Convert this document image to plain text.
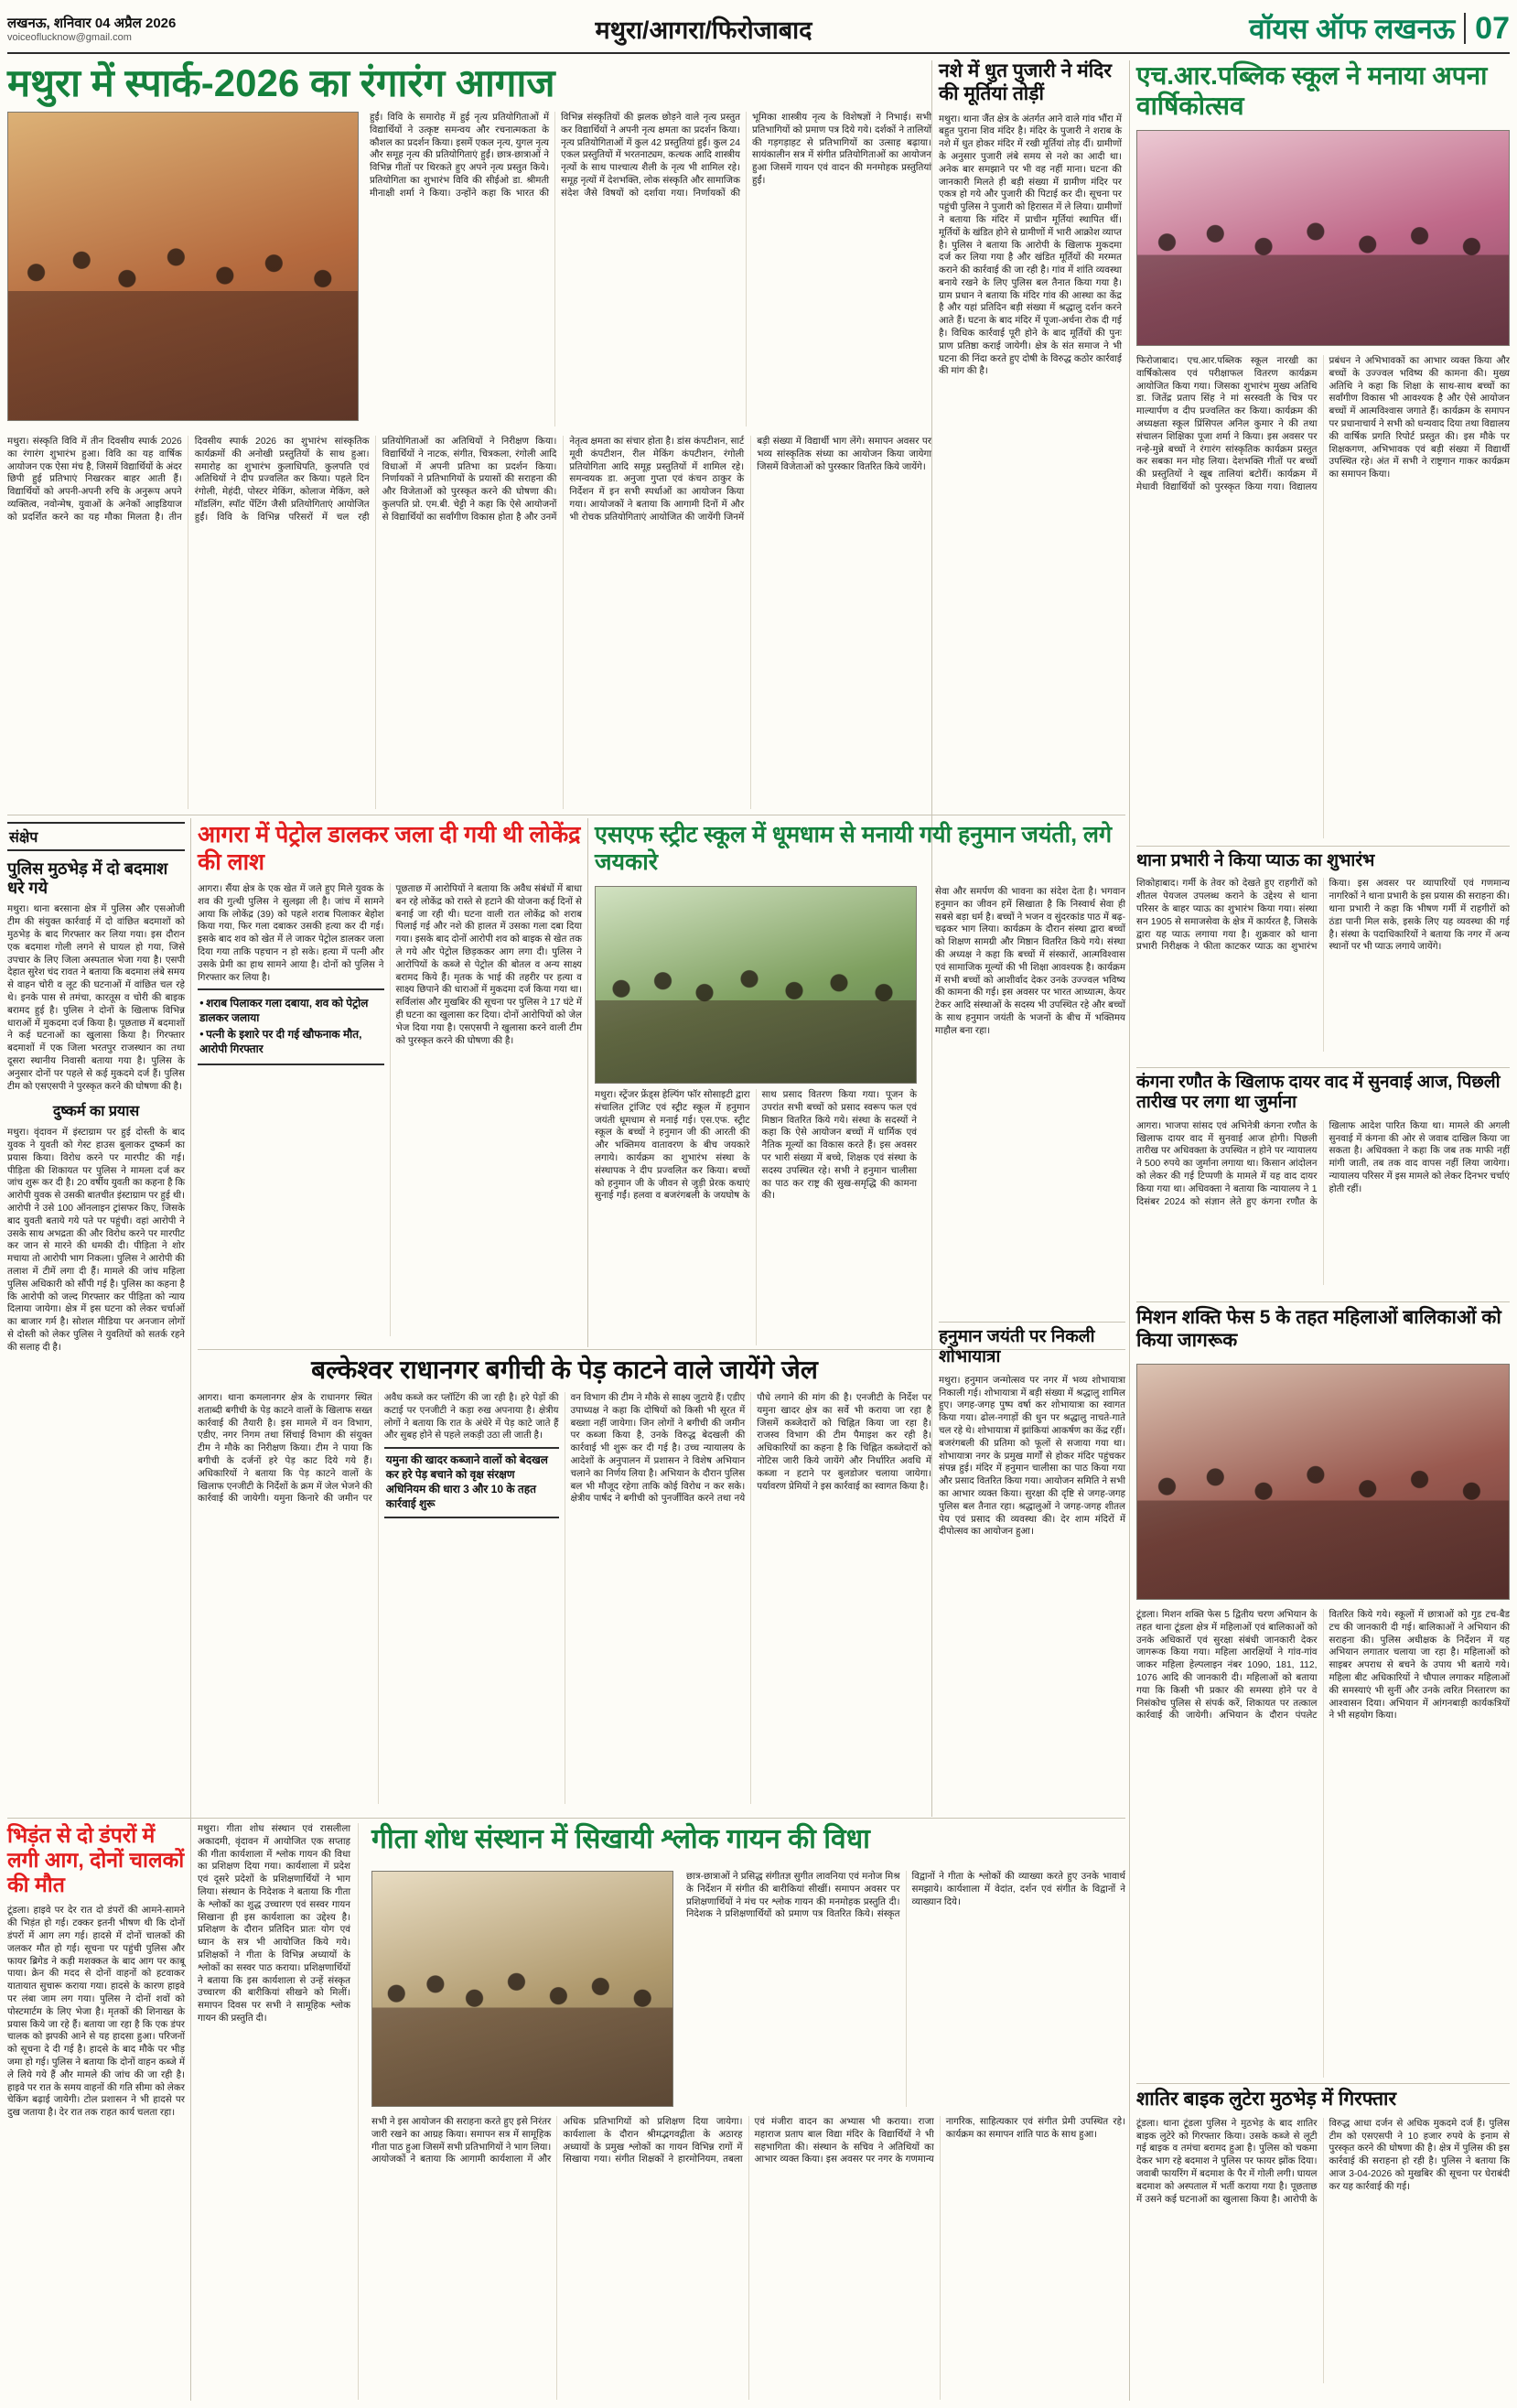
लखनऊ, शनिवार 04 अप्रैल 2026
voiceoflucknow@gmail.com	मथुरा/आगरा/फिरोजाबाद	वॉयस ऑफ लखनऊ 07
मथुरा में स्पार्क-2026 का रंगारंग आगाज
हुईं। विवि के समारोह में हुई नृत्य प्रतियोगिताओं में विद्यार्थियों ने उत्कृष्ट समन्वय और रचनात्मकता के कौशल का प्रदर्शन किया। इसमें एकल नृत्य, युगल नृत्य और समूह नृत्य की प्रतियोगिताएं हुईं। छात्र-छात्राओं ने विभिन्न गीतों पर थिरकते हुए अपने नृत्य प्रस्तुत किये। प्रतियोगिता का शुभारंभ विवि की सीईओ डा. श्रीमती मीनाक्षी शर्मा ने किया। उन्होंने कहा कि भारत की विभिन्न संस्कृतियों की झलक छोड़ने वाले नृत्य प्रस्तुत कर विद्यार्थियों ने अपनी नृत्य क्षमता का प्रदर्शन किया। नृत्य प्रतियोगिताओं में कुल 42 प्रस्तुतियां हुईं। कुल 24 एकल प्रस्तुतियों में भरतनाट्यम, कत्थक आदि शास्त्रीय नृत्यों के साथ पाश्चात्य शैली के नृत्य भी शामिल रहे। समूह नृत्यों में देशभक्ति, लोक संस्कृति और सामाजिक संदेश जैसे विषयों को दर्शाया गया। निर्णायकों की भूमिका शास्त्रीय नृत्य के विशेषज्ञों ने निभाई। सभी प्रतिभागियों को प्रमाण पत्र दिये गये। दर्शकों ने तालियों की गड़गड़ाहट से प्रतिभागियों का उत्साह बढ़ाया। सायंकालीन सत्र में संगीत प्रतियोगिताओं का आयोजन हुआ जिसमें गायन एवं वादन की मनमोहक प्रस्तुतियां हुईं।
मथुरा। संस्कृति विवि में तीन दिवसीय स्पार्क 2026 का रंगारंग शुभारंभ हुआ। विवि का यह वार्षिक आयोजन एक ऐसा मंच है, जिसमें विद्यार्थियों के अंदर छिपी हुई प्रतिभाएं निखरकर बाहर आती हैं। विद्यार्थियों को अपनी-अपनी रुचि के अनुरूप अपने व्यक्तित्व, नवोन्मेष, युवाओं के अनेकों आइडियाज को प्रदर्शित करने का यह मौका मिलता है। तीन दिवसीय स्पार्क 2026 का शुभारंभ सांस्कृतिक कार्यक्रमों की अनोखी प्रस्तुतियों के साथ हुआ। समारोह का शुभारंभ कुलाधिपति, कुलपति एवं अतिथियों ने दीप प्रज्वलित कर किया। पहले दिन रंगोली, मेहंदी, पोस्टर मेकिंग, कोलाज मेकिंग, क्ले मॉडलिंग, स्पॉट पेंटिंग जैसी प्रतियोगिताएं आयोजित हुईं। विवि के विभिन्न परिसरों में चल रही प्रतियोगिताओं का अतिथियों ने निरीक्षण किया। विद्यार्थियों ने नाटक, संगीत, चित्रकला, रंगोली आदि विधाओं में अपनी प्रतिभा का प्रदर्शन किया। निर्णायकों ने प्रतिभागियों के प्रयासों की सराहना की और विजेताओं को पुरस्कृत करने की घोषणा की। कुलपति प्रो. एम.बी. चेट्टी ने कहा कि ऐसे आयोजनों से विद्यार्थियों का सर्वांगीण विकास होता है और उनमें नेतृत्व क्षमता का संचार होता है। डांस कंपटीशन, सार्ट मूवी कंपटीशन, रील मेकिंग कंपटीशन, रंगोली प्रतियोगिता आदि समूह प्रस्तुतियों में शामिल रहे। समन्वयक डा. अनुजा गुप्ता एवं कंचन ठाकुर के निर्देशन में इन सभी स्पर्धाओं का आयोजन किया गया। आयोजकों ने बताया कि आगामी दिनों में और भी रोचक प्रतियोगिताएं आयोजित की जायेंगी जिनमें बड़ी संख्या में विद्यार्थी भाग लेंगे। समापन अवसर पर भव्य सांस्कृतिक संध्या का आयोजन किया जायेगा जिसमें विजेताओं को पुरस्कार वितरित किये जायेंगे।
नशे में धुत पुजारी ने मंदिर की मूर्तियां तोड़ीं
मथुरा। थाना जैंत क्षेत्र के अंतर्गत आने वाले गांव भौंरा में बहुत पुराना शिव मंदिर है। मंदिर के पुजारी ने शराब के नशे में धुत होकर मंदिर में रखी मूर्तियां तोड़ दीं। ग्रामीणों के अनुसार पुजारी लंबे समय से नशे का आदी था। अनेक बार समझाने पर भी वह नहीं माना। घटना की जानकारी मिलते ही बड़ी संख्या में ग्रामीण मंदिर पर एकत्र हो गये और पुजारी की पिटाई कर दी। सूचना पर पहुंची पुलिस ने पुजारी को हिरासत में ले लिया। ग्रामीणों ने बताया कि मंदिर में प्राचीन मूर्तियां स्थापित थीं। मूर्तियों के खंडित होने से ग्रामीणों में भारी आक्रोश व्याप्त है। पुलिस ने बताया कि आरोपी के खिलाफ मुकदमा दर्ज कर लिया गया है और खंडित मूर्तियों की मरम्मत कराने की कार्रवाई की जा रही है। गांव में शांति व्यवस्था बनाये रखने के लिए पुलिस बल तैनात किया गया है। ग्राम प्रधान ने बताया कि मंदिर गांव की आस्था का केंद्र है और यहां प्रतिदिन बड़ी संख्या में श्रद्धालु दर्शन करने आते हैं। घटना के बाद मंदिर में पूजा-अर्चना रोक दी गई है। विधिक कार्रवाई पूरी होने के बाद मूर्तियों की पुनः प्राण प्रतिष्ठा कराई जायेगी। क्षेत्र के संत समाज ने भी घटना की निंदा करते हुए दोषी के विरुद्ध कठोर कार्रवाई की मांग की है।
एच.आर.पब्लिक स्कूल ने मनाया अपना वार्षिकोत्सव
फिरोजाबाद। एच.आर.पब्लिक स्कूल नारखी का वार्षिकोत्सव एवं परीक्षाफल वितरण कार्यक्रम आयोजित किया गया। जिसका शुभारंभ मुख्य अतिथि डा. जितेंद्र प्रताप सिंह ने मां सरस्वती के चित्र पर माल्यार्पण व दीप प्रज्वलित कर किया। कार्यक्रम की अध्यक्षता स्कूल प्रिंसिपल अनिल कुमार ने की तथा संचालन शिक्षिका पूजा शर्मा ने किया। इस अवसर पर नन्हे-मुन्ने बच्चों ने रंगारंग सांस्कृतिक कार्यक्रम प्रस्तुत कर सबका मन मोह लिया। देशभक्ति गीतों पर बच्चों की प्रस्तुतियों ने खूब तालियां बटोरीं। कार्यक्रम में मेधावी विद्यार्थियों को पुरस्कृत किया गया। विद्यालय प्रबंधन ने अभिभावकों का आभार व्यक्त किया और बच्चों के उज्ज्वल भविष्य की कामना की। मुख्य अतिथि ने कहा कि शिक्षा के साथ-साथ बच्चों का सर्वांगीण विकास भी आवश्यक है और ऐसे आयोजन बच्चों में आत्मविश्वास जगाते हैं। कार्यक्रम के समापन पर प्रधानाचार्य ने सभी को धन्यवाद दिया तथा विद्यालय की वार्षिक प्रगति रिपोर्ट प्रस्तुत की। इस मौके पर शिक्षकगण, अभिभावक एवं बड़ी संख्या में विद्यार्थी उपस्थित रहे। अंत में सभी ने राष्ट्रगान गाकर कार्यक्रम का समापन किया।
संक्षेप
पुलिस मुठभेड़ में दो बदमाश धरे गये
मथुरा। थाना बरसाना क्षेत्र में पुलिस और एसओजी टीम की संयुक्त कार्रवाई में दो वांछित बदमाशों को मुठभेड़ के बाद गिरफ्तार कर लिया गया। इस दौरान एक बदमाश गोली लगने से घायल हो गया, जिसे उपचार के लिए जिला अस्पताल भेजा गया है। एसपी देहात सुरेश चंद रावत ने बताया कि बदमाश लंबे समय से वाहन चोरी व लूट की घटनाओं में वांछित चल रहे थे। इनके पास से तमंचा, कारतूस व चोरी की बाइक बरामद हुई है। पुलिस ने दोनों के खिलाफ विभिन्न धाराओं में मुकदमा दर्ज किया है। पूछताछ में बदमाशों ने कई घटनाओं का खुलासा किया है। गिरफ्तार बदमाशों में एक जिला भरतपुर राजस्थान का तथा दूसरा स्थानीय निवासी बताया गया है। पुलिस के अनुसार दोनों पर पहले से कई मुकदमे दर्ज हैं। पुलिस टीम को एसएसपी ने पुरस्कृत करने की घोषणा की है।
दुष्कर्म का प्रयास
मथुरा। वृंदावन में इंस्टाग्राम पर हुई दोस्ती के बाद युवक ने युवती को गेस्ट हाउस बुलाकर दुष्कर्म का प्रयास किया। विरोध करने पर मारपीट की गई। पीड़िता की शिकायत पर पुलिस ने मामला दर्ज कर जांच शुरू कर दी है। 20 वर्षीय युवती का कहना है कि आरोपी युवक से उसकी बातचीत इंस्टाग्राम पर हुई थी। आरोपी ने उसे 100 ऑनलाइन ट्रांसफर किए, जिसके बाद युवती बताये गये पते पर पहुंची। वहां आरोपी ने उसके साथ अभद्रता की और विरोध करने पर मारपीट कर जान से मारने की धमकी दी। पीड़िता ने शोर मचाया तो आरोपी भाग निकला। पुलिस ने आरोपी की तलाश में टीमें लगा दी हैं। मामले की जांच महिला पुलिस अधिकारी को सौंपी गई है। पुलिस का कहना है कि आरोपी को जल्द गिरफ्तार कर पीड़िता को न्याय दिलाया जायेगा। क्षेत्र में इस घटना को लेकर चर्चाओं का बाजार गर्म है। सोशल मीडिया पर अनजान लोगों से दोस्ती को लेकर पुलिस ने युवतियों को सतर्क रहने की सलाह दी है।
आगरा में पेट्रोल डालकर जला दी गयी थी लोकेंद्र की लाश

आगरा। सैंया क्षेत्र के एक खेत में जले हुए मिले युवक के शव की गुत्थी पुलिस ने सुलझा ली है। जांच में सामने आया कि लोकेंद्र (39) को पहले शराब पिलाकर बेहोश किया गया, फिर गला दबाकर उसकी हत्या कर दी गई। इसके बाद शव को खेत में ले जाकर पेट्रोल डालकर जला दिया गया ताकि पहचान न हो सके। हत्या में पत्नी और उसके प्रेमी का हाथ सामने आया है। दोनों को पुलिस ने गिरफ्तार कर लिया है।

● शराब पिलाकर गला दबाया, शव को पेट्रोल डालकर जलाया
● पत्नी के इशारे पर दी गई खौफनाक मौत, आरोपी गिरफ्तार

पूछताछ में आरोपियों ने बताया कि अवैध संबंधों में बाधा बन रहे लोकेंद्र को रास्ते से हटाने की योजना कई दिनों से बनाई जा रही थी। घटना वाली रात लोकेंद्र को शराब पिलाई गई और नशे की हालत में उसका गला दबा दिया गया। इसके बाद दोनों आरोपी शव को बाइक से खेत तक ले गये और पेट्रोल छिड़ककर आग लगा दी। पुलिस ने आरोपियों के कब्जे से पेट्रोल की बोतल व अन्य साक्ष्य बरामद किये हैं। मृतक के भाई की तहरीर पर हत्या व साक्ष्य छिपाने की धाराओं में मुकदमा दर्ज किया गया था। सर्विलांस और मुखबिर की सूचना पर पुलिस ने 17 घंटे में ही घटना का खुलासा कर दिया। दोनों आरोपियों को जेल भेज दिया गया है। एसएसपी ने खुलासा करने वाली टीम को पुरस्कृत करने की घोषणा की है।

एसएफ स्ट्रीट स्कूल में धूमधाम से मनायी गयी हनुमान जयंती, लगे जयकारे
मथुरा। स्ट्रेंजर फ्रेंड्स हेल्पिंग फॉर सोसाइटी द्वारा संचालित ट्रांजिट एवं स्ट्रीट स्कूल में हनुमान जयंती धूमधाम से मनाई गई। एस.एफ. स्ट्रीट स्कूल के बच्चों ने हनुमान जी की आरती की और भक्तिमय वातावरण के बीच जयकारे लगाये। कार्यक्रम का शुभारंभ संस्था के संस्थापक ने दीप प्रज्वलित कर किया। बच्चों को हनुमान जी के जीवन से जुड़ी प्रेरक कथाएं सुनाई गईं। हलवा व बजरंगबली के जयघोष के साथ प्रसाद वितरण किया गया। पूजन के उपरांत सभी बच्चों को प्रसाद स्वरूप फल एवं मिष्ठान वितरित किये गये। संस्था के सदस्यों ने कहा कि ऐसे आयोजन बच्चों में धार्मिक एवं नैतिक मूल्यों का विकास करते हैं। इस अवसर पर भारी संख्या में बच्चे, शिक्षक एवं संस्था के सदस्य उपस्थित रहे। सभी ने हनुमान चालीसा का पाठ कर राष्ट्र की सुख-समृद्धि की कामना की।
सेवा और समर्पण की भावना का संदेश देता है। भगवान हनुमान का जीवन हमें सिखाता है कि निस्वार्थ सेवा ही सबसे बड़ा धर्म है। बच्चों ने भजन व सुंदरकांड पाठ में बढ़-चढ़कर भाग लिया। कार्यक्रम के दौरान संस्था द्वारा बच्चों को शिक्षण सामग्री और मिष्ठान वितरित किये गये। संस्था की अध्यक्ष ने कहा कि बच्चों में संस्कारों, आत्मविश्वास एवं सामाजिक मूल्यों की भी शिक्षा आवश्यक है। कार्यक्रम में सभी बच्चों को आशीर्वाद देकर उनके उज्ज्वल भविष्य की कामना की गई। इस अवसर पर भारत आध्यात्म, केयर टेकर आदि संस्थाओं के सदस्य भी उपस्थित रहे और बच्चों के साथ हनुमान जयंती के भजनों के बीच में भक्तिमय माहौल बना रहा।
थाना प्रभारी ने किया प्याऊ का शुभारंभ
शिकोहाबाद। गर्मी के तेवर को देखते हुए राहगीरों को शीतल पेयजल उपलब्ध कराने के उद्देश्य से थाना परिसर के बाहर प्याऊ का शुभारंभ किया गया। संस्था सन 1905 से समाजसेवा के क्षेत्र में कार्यरत है, जिसके द्वारा यह प्याऊ लगाया गया है। शुक्रवार को थाना प्रभारी निरीक्षक ने फीता काटकर प्याऊ का शुभारंभ किया। इस अवसर पर व्यापारियों एवं गणमान्य नागरिकों ने थाना प्रभारी के इस प्रयास की सराहना की। थाना प्रभारी ने कहा कि भीषण गर्मी में राहगीरों को ठंडा पानी मिल सके, इसके लिए यह व्यवस्था की गई है। संस्था के पदाधिकारियों ने बताया कि नगर में अन्य स्थानों पर भी प्याऊ लगाये जायेंगे।
कंगना रणौत के खिलाफ दायर वाद में सुनवाई आज, पिछली तारीख पर लगा था जुर्माना
आगरा। भाजपा सांसद एवं अभिनेत्री कंगना रणौत के खिलाफ दायर वाद में सुनवाई आज होगी। पिछली तारीख पर अधिवक्ता के उपस्थित न होने पर न्यायालय ने 500 रुपये का जुर्माना लगाया था। किसान आंदोलन को लेकर की गई टिप्पणी के मामले में यह वाद दायर किया गया था। अधिवक्ता ने बताया कि न्यायालय ने 1 दिसंबर 2024 को संज्ञान लेते हुए कंगना रणौत के खिलाफ आदेश पारित किया था। मामले की अगली सुनवाई में कंगना की ओर से जवाब दाखिल किया जा सकता है। अधिवक्ता ने कहा कि जब तक माफी नहीं मांगी जाती, तब तक वाद वापस नहीं लिया जायेगा। न्यायालय परिसर में इस मामले को लेकर दिनभर चर्चाएं होती रहीं।
मिशन शक्ति फेस 5 के तहत महिलाओं बालिकाओं को किया जागरूक
टूंडला। मिशन शक्ति फेस 5 द्वितीय चरण अभियान के तहत थाना टूंडला क्षेत्र में महिलाओं एवं बालिकाओं को उनके अधिकारों एवं सुरक्षा संबंधी जानकारी देकर जागरूक किया गया। महिला आरक्षियों ने गांव-गांव जाकर महिला हेल्पलाइन नंबर 1090, 181, 112, 1076 आदि की जानकारी दी। महिलाओं को बताया गया कि किसी भी प्रकार की समस्या होने पर वे निसंकोच पुलिस से संपर्क करें, शिकायत पर तत्काल कार्रवाई की जायेगी। अभियान के दौरान पंपलेट वितरित किये गये। स्कूलों में छात्राओं को गुड टच-बैड टच की जानकारी दी गई। बालिकाओं ने अभियान की सराहना की। पुलिस अधीक्षक के निर्देशन में यह अभियान लगातार चलाया जा रहा है। महिलाओं को साइबर अपराध से बचने के उपाय भी बताये गये। महिला बीट अधिकारियों ने चौपाल लगाकर महिलाओं की समस्याएं भी सुनीं और उनके त्वरित निस्तारण का आश्वासन दिया। अभियान में आंगनबाड़ी कार्यकत्रियों ने भी सहयोग किया।
बल्केश्वर राधानगर बगीची के पेड़ काटने वाले जायेंगे जेल

आगरा। थाना कमलानगर क्षेत्र के राधानगर स्थित शताब्दी बगीची के पेड़ काटने वालों के खिलाफ सख्त कार्रवाई की तैयारी है। इस मामले में वन विभाग, एडीए, नगर निगम तथा सिंचाई विभाग की संयुक्त टीम ने मौके का निरीक्षण किया। टीम ने पाया कि बगीची के दर्जनों हरे पेड़ काट दिये गये हैं। अधिकारियों ने बताया कि पेड़ काटने वालों के खिलाफ एनजीटी के निर्देशों के क्रम में जेल भेजने की कार्रवाई की जायेगी। यमुना किनारे की जमीन पर अवैध कब्जे कर प्लॉटिंग की जा रही है। हरे पेड़ों की कटाई पर एनजीटी ने कड़ा रुख अपनाया है। क्षेत्रीय लोगों ने बताया कि रात के अंधेरे में पेड़ काटे जाते हैं और सुबह होने से पहले लकड़ी उठा ली जाती है।

यमुना की खादर कब्जाने वालों को बेदखल कर हरे पेड़ बचाने को वृक्ष संरक्षण अधिनियम की धारा 3 और 10 के तहत कार्रवाई शुरू

वन विभाग की टीम ने मौके से साक्ष्य जुटाये हैं। एडीए उपाध्यक्ष ने कहा कि दोषियों को किसी भी सूरत में बख्शा नहीं जायेगा। जिन लोगों ने बगीची की जमीन पर कब्जा किया है, उनके विरुद्ध बेदखली की कार्रवाई भी शुरू कर दी गई है। उच्च न्यायालय के आदेशों के अनुपालन में प्रशासन ने विशेष अभियान चलाने का निर्णय लिया है। अभियान के दौरान पुलिस बल भी मौजूद रहेगा ताकि कोई विरोध न कर सके। क्षेत्रीय पार्षद ने बगीची को पुनर्जीवित करने तथा नये पौधे लगाने की मांग की है। एनजीटी के निर्देश पर यमुना खादर क्षेत्र का सर्वे भी कराया जा रहा है जिसमें कब्जेदारों को चिह्नित किया जा रहा है। राजस्व विभाग की टीम पैमाइश कर रही है। अधिकारियों का कहना है कि चिह्नित कब्जेदारों को नोटिस जारी किये जायेंगे और निर्धारित अवधि में कब्जा न हटाने पर बुलडोजर चलाया जायेगा। पर्यावरण प्रेमियों ने इस कार्रवाई का स्वागत किया है।

हनुमान जयंती पर निकली शोभायात्रा
मथुरा। हनुमान जन्मोत्सव पर नगर में भव्य शोभायात्रा निकाली गई। शोभायात्रा में बड़ी संख्या में श्रद्धालु शामिल हुए। जगह-जगह पुष्प वर्षा कर शोभायात्रा का स्वागत किया गया। ढोल-नगाड़ों की धुन पर श्रद्धालु नाचते-गाते चल रहे थे। शोभायात्रा में झांकियां आकर्षण का केंद्र रहीं। बजरंगबली की प्रतिमा को फूलों से सजाया गया था। शोभायात्रा नगर के प्रमुख मार्गों से होकर मंदिर पहुंचकर संपन्न हुई। मंदिर में हनुमान चालीसा का पाठ किया गया और प्रसाद वितरित किया गया। आयोजन समिति ने सभी का आभार व्यक्त किया। सुरक्षा की दृष्टि से जगह-जगह पुलिस बल तैनात रहा। श्रद्धालुओं ने जगह-जगह शीतल पेय एवं प्रसाद की व्यवस्था की। देर शाम मंदिरों में दीपोत्सव का आयोजन हुआ।
भिड़ंत से दो डंपरों में लगी आग, दोनों चालकों की मौत
टूंडला। हाइवे पर देर रात दो डंपरों की आमने-सामने की भिड़ंत हो गई। टक्कर इतनी भीषण थी कि दोनों डंपरों में आग लग गई। हादसे में दोनों चालकों की जलकर मौत हो गई। सूचना पर पहुंची पुलिस और फायर ब्रिगेड ने कड़ी मशक्कत के बाद आग पर काबू पाया। क्रेन की मदद से दोनों वाहनों को हटवाकर यातायात सुचारू कराया गया। हादसे के कारण हाइवे पर लंबा जाम लग गया। पुलिस ने दोनों शवों को पोस्टमार्टम के लिए भेजा है। मृतकों की शिनाख्त के प्रयास किये जा रहे हैं। बताया जा रहा है कि एक डंपर चालक को झपकी आने से यह हादसा हुआ। परिजनों को सूचना दे दी गई है। हादसे के बाद मौके पर भीड़ जमा हो गई। पुलिस ने बताया कि दोनों वाहन कब्जे में ले लिये गये हैं और मामले की जांच की जा रही है। हाइवे पर रात के समय वाहनों की गति सीमा को लेकर चेकिंग बढ़ाई जायेगी। टोल प्रशासन ने भी हादसे पर दुख जताया है। देर रात तक राहत कार्य चलता रहा।
मथुरा। गीता शोध संस्थान एवं रासलीला अकादमी, वृंदावन में आयोजित एक सप्ताह की गीता कार्यशाला में श्लोक गायन की विधा का प्रशिक्षण दिया गया। कार्यशाला में प्रदेश एवं दूसरे प्रदेशों के प्रशिक्षणार्थियों ने भाग लिया। संस्थान के निदेशक ने बताया कि गीता के श्लोकों का शुद्ध उच्चारण एवं सस्वर गायन सिखाना ही इस कार्यशाला का उद्देश्य है। प्रशिक्षण के दौरान प्रतिदिन प्रातः योग एवं ध्यान के सत्र भी आयोजित किये गये। प्रशिक्षकों ने गीता के विभिन्न अध्यायों के श्लोकों का सस्वर पाठ कराया। प्रशिक्षणार्थियों ने बताया कि इस कार्यशाला से उन्हें संस्कृत उच्चारण की बारीकियां सीखने को मिलीं। समापन दिवस पर सभी ने सामूहिक श्लोक गायन की प्रस्तुति दी।
गीता शोध संस्थान में सिखायी श्लोक गायन की विधा
छात्र-छात्राओं ने प्रसिद्ध संगीतज्ञ सुगीत लावनिया एवं मनोज मिश्र के निर्देशन में संगीत की बारीकियां सीखीं। समापन अवसर पर प्रशिक्षणार्थियों ने मंच पर श्लोक गायन की मनमोहक प्रस्तुति दी। निदेशक ने प्रशिक्षणार्थियों को प्रमाण पत्र वितरित किये। संस्कृत विद्वानों ने गीता के श्लोकों की व्याख्या करते हुए उनके भावार्थ समझाये। कार्यशाला में वेदांत, दर्शन एवं संगीत के विद्वानों ने व्याख्यान दिये।
सभी ने इस आयोजन की सराहना करते हुए इसे निरंतर जारी रखने का आग्रह किया। समापन सत्र में सामूहिक गीता पाठ हुआ जिसमें सभी प्रतिभागियों ने भाग लिया। आयोजकों ने बताया कि आगामी कार्यशाला में और अधिक प्रतिभागियों को प्रशिक्षण दिया जायेगा। कार्यशाला के दौरान श्रीमद्भगवद्गीता के अठारह अध्यायों के प्रमुख श्लोकों का गायन विभिन्न रागों में सिखाया गया। संगीत शिक्षकों ने हारमोनियम, तबला एवं मंजीरा वादन का अभ्यास भी कराया। राजा महाराज प्रताप बाल विद्या मंदिर के विद्यार्थियों ने भी सहभागिता की। संस्थान के सचिव ने अतिथियों का आभार व्यक्त किया। इस अवसर पर नगर के गणमान्य नागरिक, साहित्यकार एवं संगीत प्रेमी उपस्थित रहे। कार्यक्रम का समापन शांति पाठ के साथ हुआ।
शातिर बाइक लुटेरा मुठभेड़ में गिरफ्तार
टूंडला। थाना टूंडला पुलिस ने मुठभेड़ के बाद शातिर बाइक लुटेरे को गिरफ्तार किया। उसके कब्जे से लूटी गई बाइक व तमंचा बरामद हुआ है। पुलिस को चकमा देकर भाग रहे बदमाश ने पुलिस पर फायर झोंक दिया। जवाबी फायरिंग में बदमाश के पैर में गोली लगी। घायल बदमाश को अस्पताल में भर्ती कराया गया है। पूछताछ में उसने कई घटनाओं का खुलासा किया है। आरोपी के विरुद्ध आधा दर्जन से अधिक मुकदमे दर्ज हैं। पुलिस टीम को एसएसपी ने 10 हजार रुपये के इनाम से पुरस्कृत करने की घोषणा की है। क्षेत्र में पुलिस की इस कार्रवाई की सराहना हो रही है। पुलिस ने बताया कि आज 3-04-2026 को मुखबिर की सूचना पर घेराबंदी कर यह कार्रवाई की गई।
